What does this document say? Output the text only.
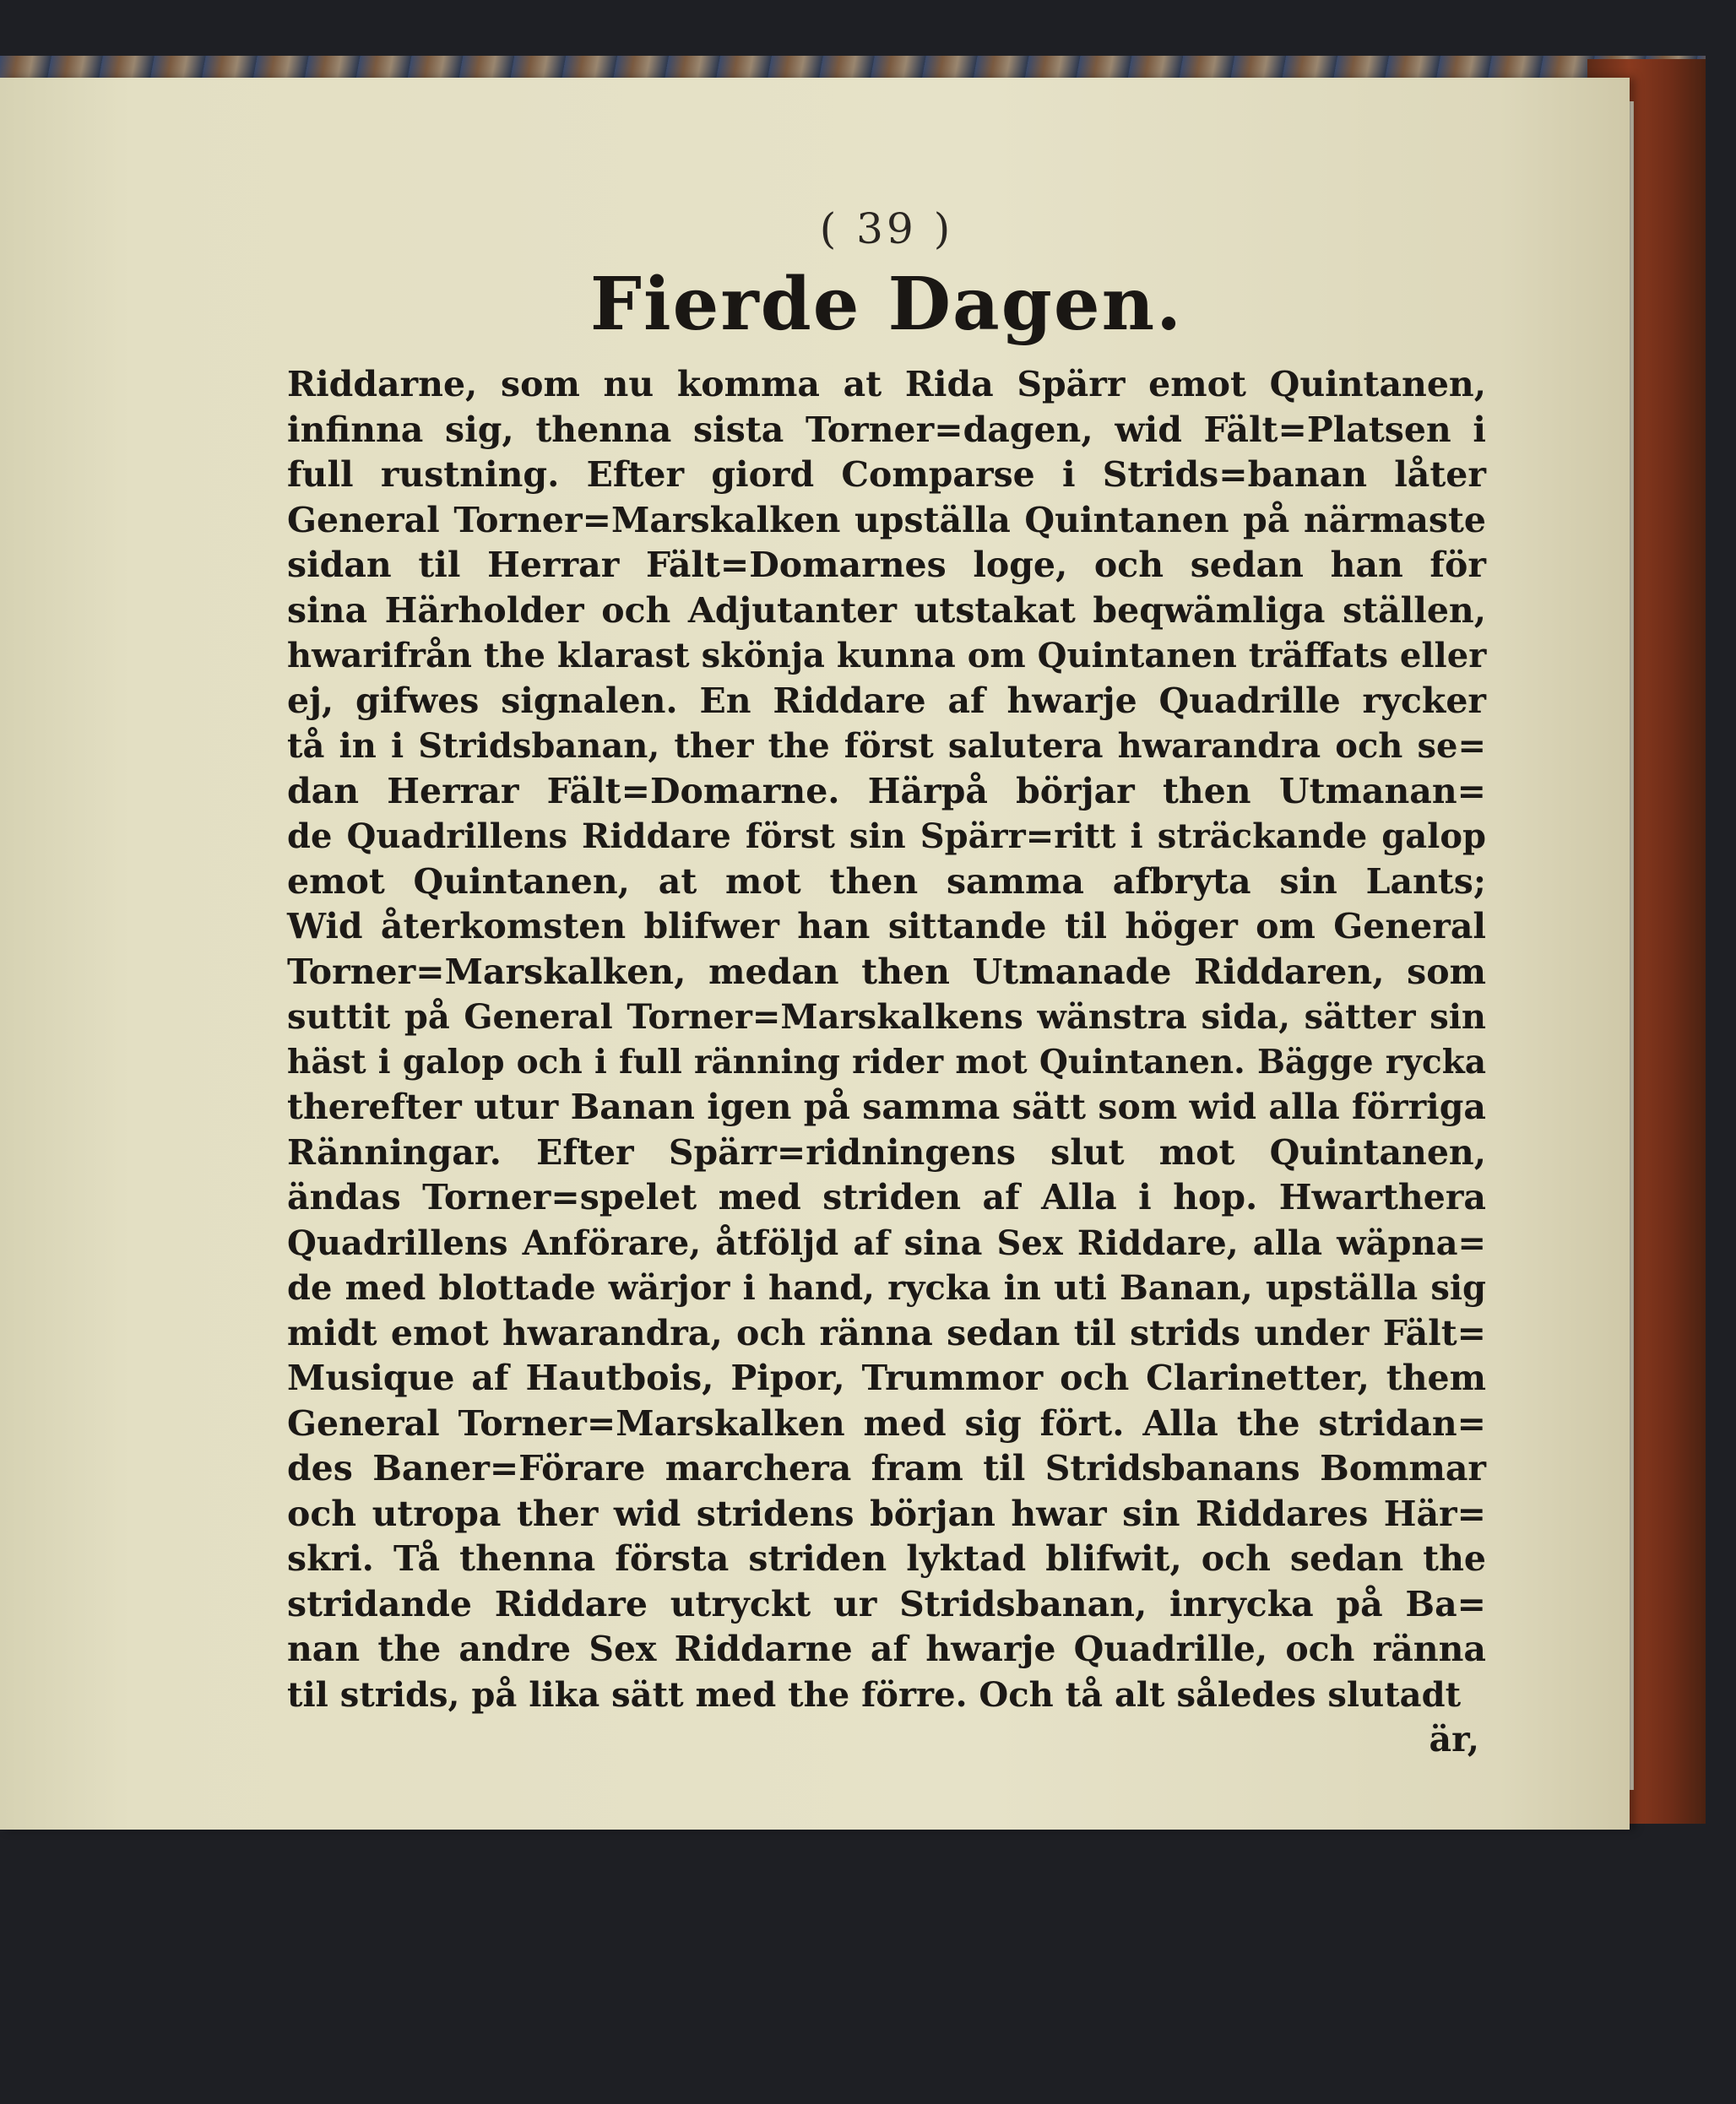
( 39 )
Fierde Dagen.
Riddarne, som nu komma at Rida Spärr emot Quintanen,
infinna sig, thenna sista Torner=dagen, wid Fält=Platsen i
full rustning. Efter giord Comparse i Strids=banan låter
General Torner=Marskalken upställa Quintanen på närmaste
sidan til Herrar Fält=Domarnes loge, och sedan han för
sina Härholder och Adjutanter utstakat beqwämliga ställen,
hwarifrån the klarast skönja kunna om Quintanen träffats eller
ej, gifwes signalen. En Riddare af hwarje Quadrille rycker
tå in i Stridsbanan, ther the först salutera hwarandra och se=
dan Herrar Fält=Domarne. Härpå börjar then Utmanan=
de Quadrillens Riddare först sin Spärr=ritt i sträckande galop
emot Quintanen, at mot then samma afbryta sin Lants;
Wid återkomsten blifwer han sittande til höger om General
Torner=Marskalken, medan then Utmanade Riddaren, som
suttit på General Torner=Marskalkens wänstra sida, sätter sin
häst i galop och i full ränning rider mot Quintanen. Bägge rycka
therefter utur Banan igen på samma sätt som wid alla förriga
Ränningar. Efter Spärr=ridningens slut mot Quintanen,
ändas Torner=spelet med striden af Alla i hop. Hwarthera
Quadrillens Anförare, åtföljd af sina Sex Riddare, alla wäpna=
de med blottade wärjor i hand, rycka in uti Banan, upställa sig
midt emot hwarandra, och ränna sedan til strids under Fält=
Musique af Hautbois, Pipor, Trummor och Clarinetter, them
General Torner=Marskalken med sig fört. Alla the stridan=
des Baner=Förare marchera fram til Stridsbanans Bommar
och utropa ther wid stridens början hwar sin Riddares Här=
skri. Tå thenna första striden lyktad blifwit, och sedan the
stridande Riddare utryckt ur Stridsbanan, inrycka på Ba=
nan the andre Sex Riddarne af hwarje Quadrille, och ränna
til strids, på lika sätt med the förre. Och tå alt således slutadt
är,
